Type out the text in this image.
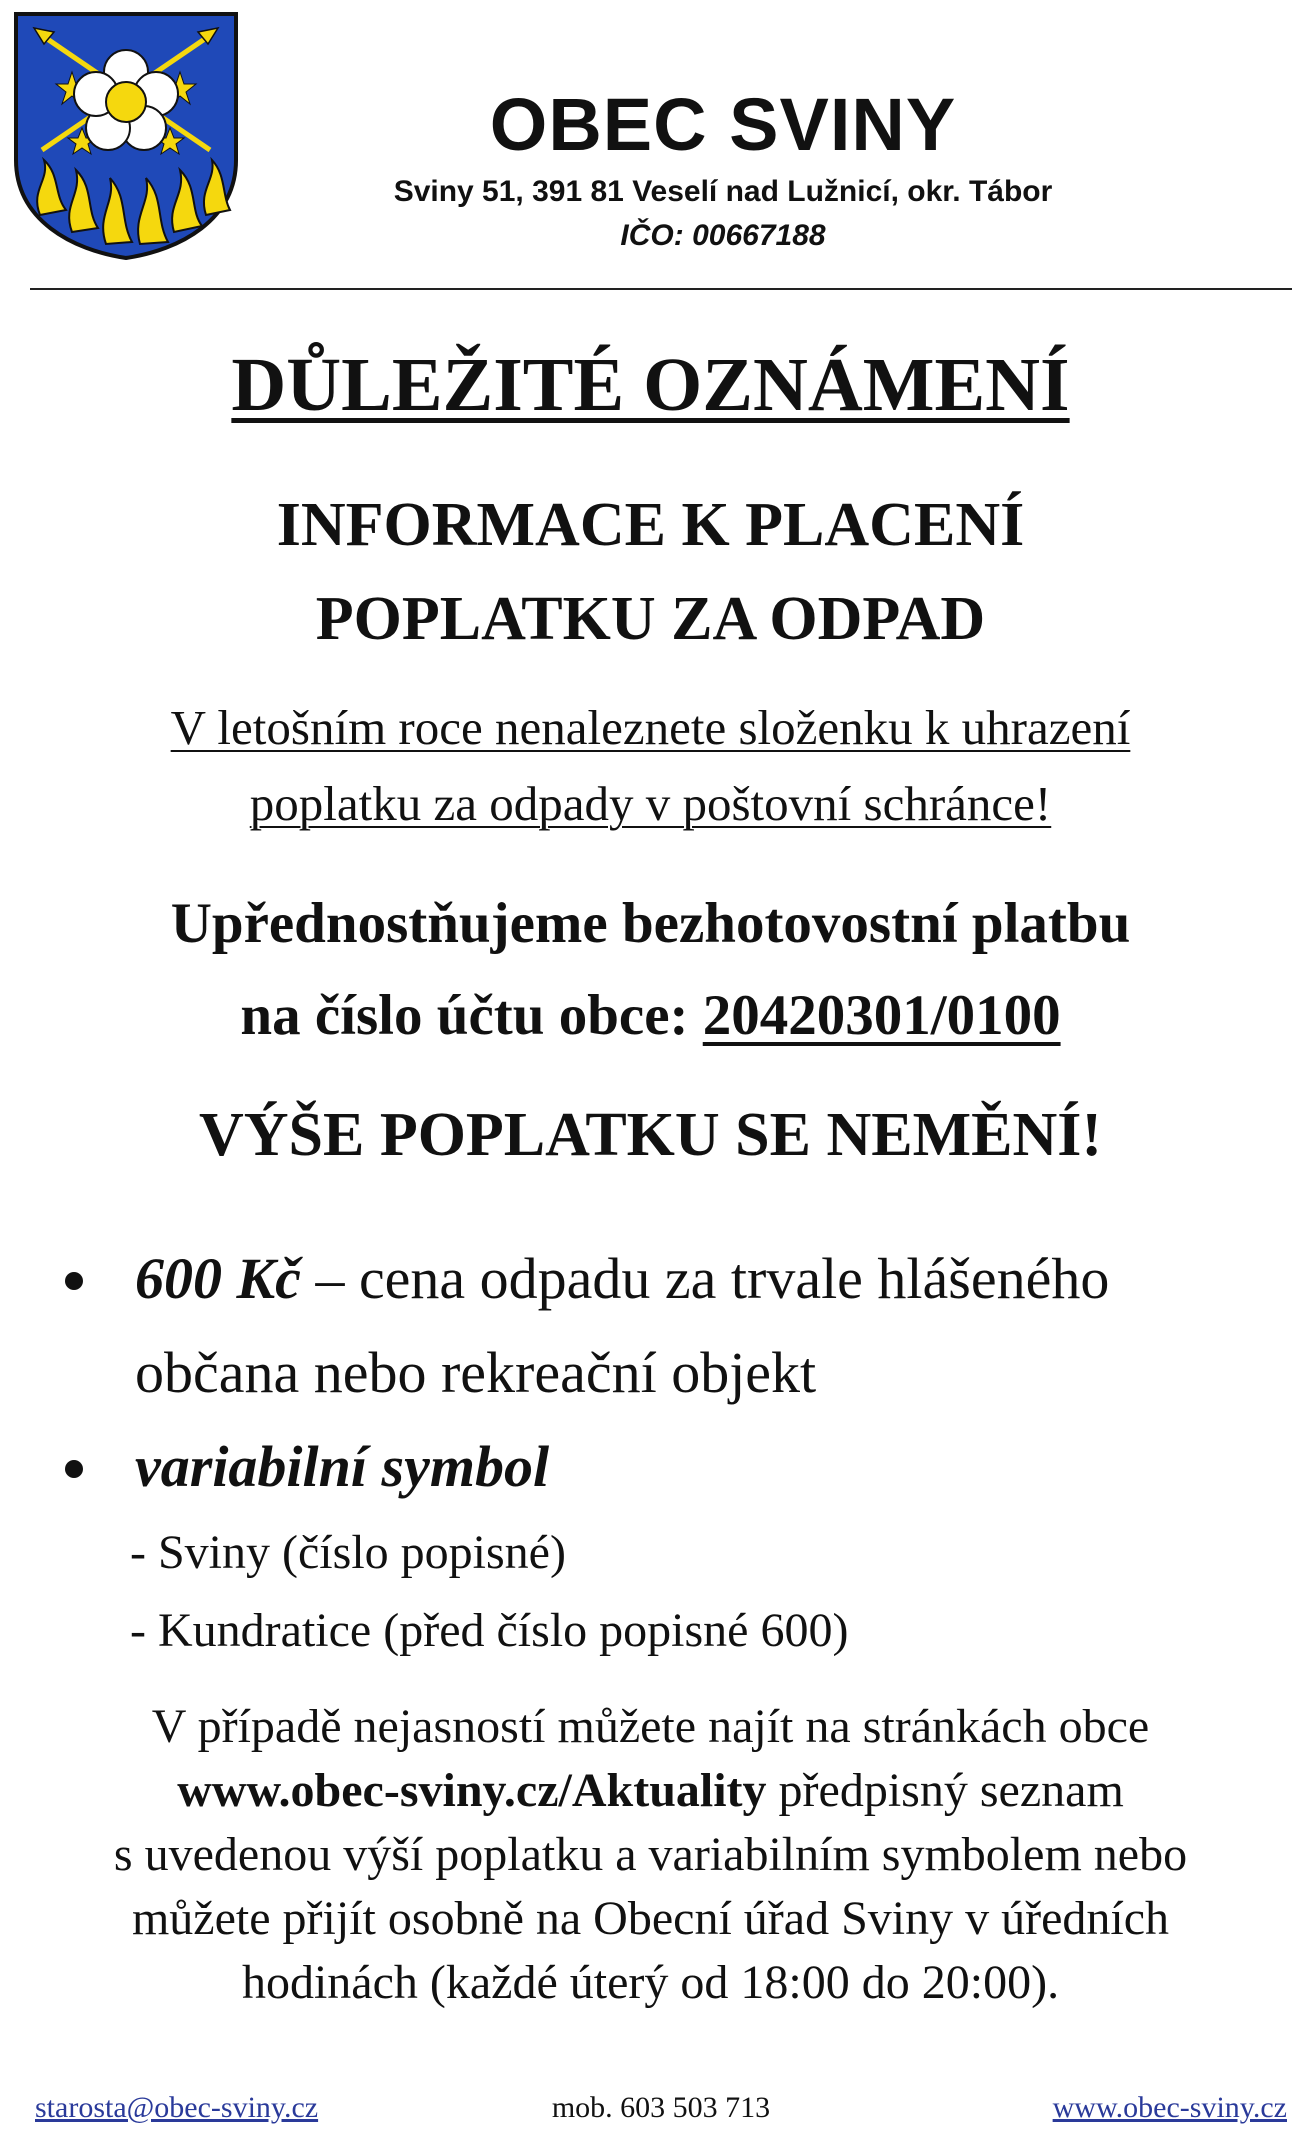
OBEC SVINY
Sviny 51, 391 81 Veselí nad Lužnicí, okr. Tábor
IČO: 00667188
DŮLEŽITÉ OZNÁMENÍ
INFORMACE K PLACENÍ
POPLATKU ZA ODPAD
V letošním roce nenaleznete složenku k uhrazení
poplatku za odpady v poštovní schránce!
Upřednostňujeme bezhotovostní platbu
na číslo účtu obce: 20420301/0100
VÝŠE POPLATKU SE NEMĚNÍ!
600 Kč – cena odpadu za trvale hlášeného
občana nebo rekreační objekt
variabilní symbol
- Sviny (číslo popisné)
- Kundratice (před číslo popisné 600)
V případě nejasností můžete najít na stránkách obce
www.obec-sviny.cz/Aktuality předpisný seznam
s uvedenou výší poplatku a variabilním symbolem nebo
můžete přijít osobně na Obecní úřad Sviny v úředních
hodinách (každé úterý od 18:00 do 20:00).
mob. 603 503 713
starosta@obec-sviny.cz	www.obec-sviny.cz
